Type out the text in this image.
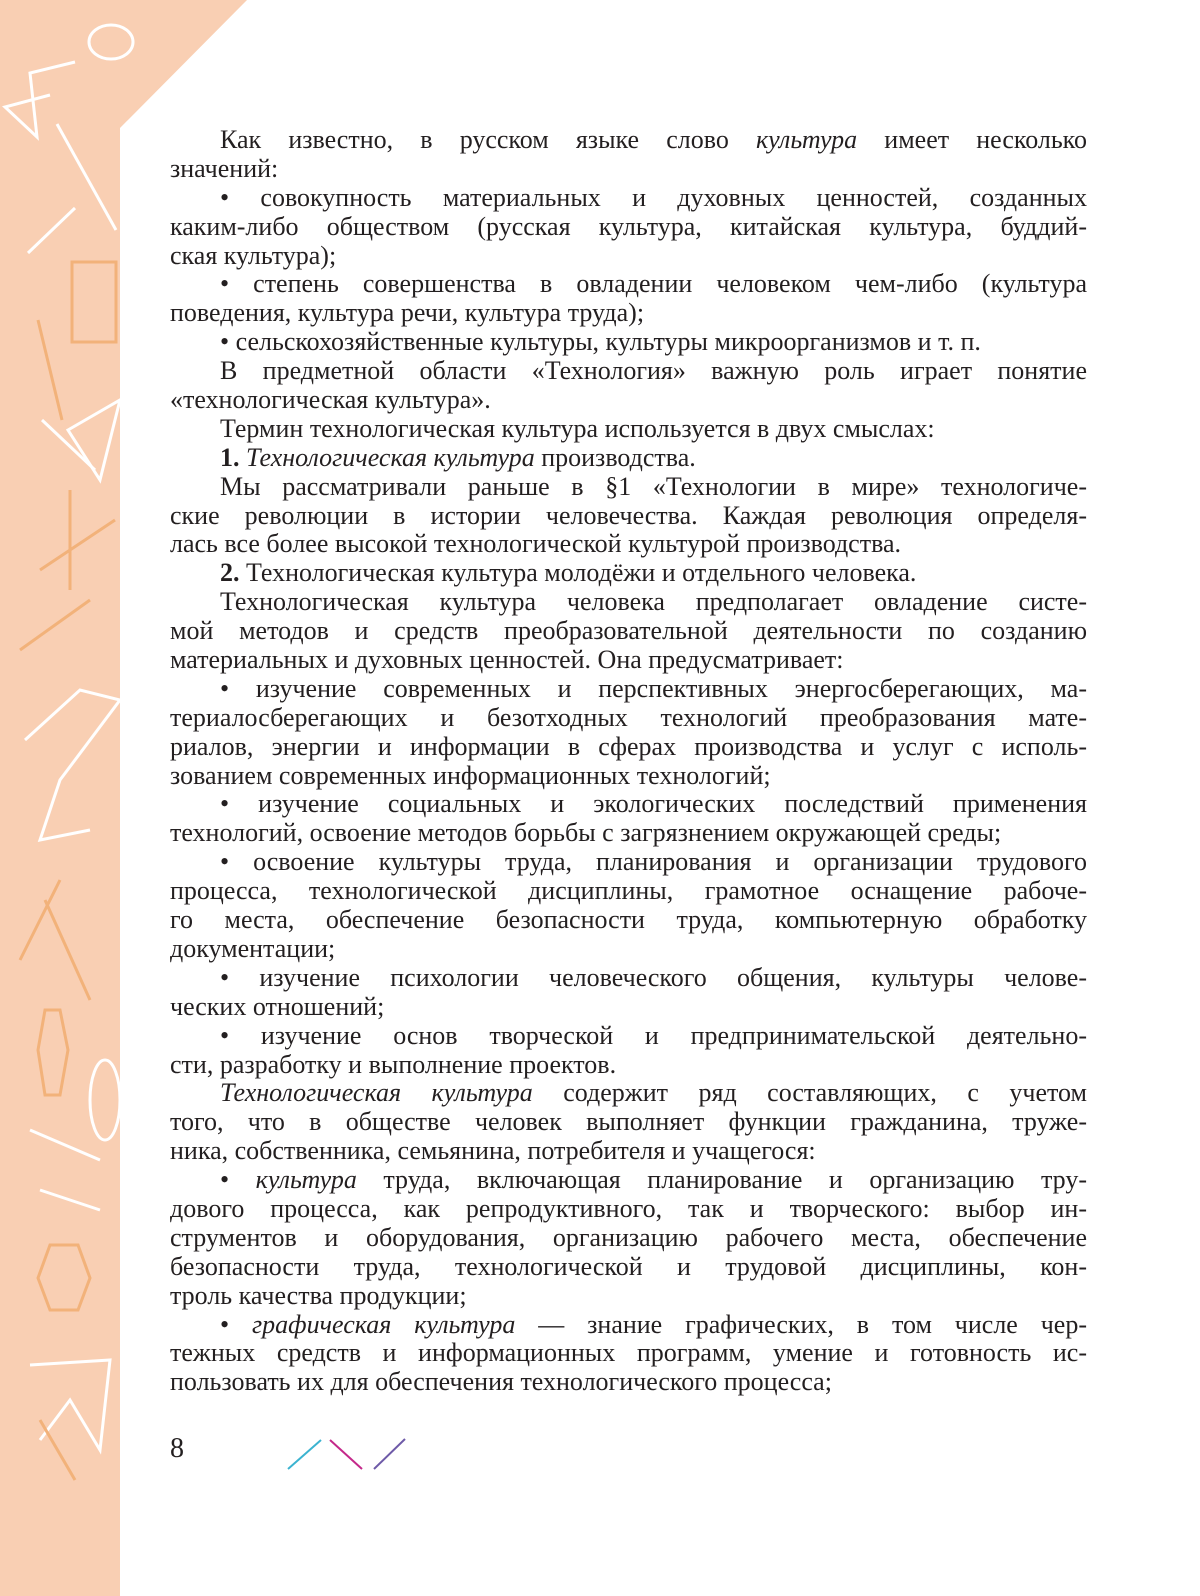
Как известно, в русском языке слово культура имеет несколько
значений:
• совокупность материальных и духовных ценностей, созданных
каким-либо обществом (русская культура, китайская культура, буддий-
ская культура);
• степень совершенства в овладении человеком чем-либо (культура
поведения, культура речи, культура труда);
• сельскохозяйственные культуры, культуры микроорганизмов и т. п.
В предметной области «Технология» важную роль играет понятие
«технологическая культура».
Термин технологическая культура используется в двух смыслах:
1. Технологическая культура производства.
Мы рассматривали раньше в §1 «Технологии в мире» технологиче-
ские революции в истории человечества. Каждая революция определя-
лась все более высокой технологической культурой производства.
2. Технологическая культура молодёжи и отдельного человека.
Технологическая культура человека предполагает овладение систе-
мой методов и средств преобразовательной деятельности по созданию
материальных и духовных ценностей. Она предусматривает:
• изучение современных и перспективных энергосберегающих, ма-
териалосберегающих и безотходных технологий преобразования мате-
риалов, энергии и информации в сферах производства и услуг с исполь-
зованием современных информационных технологий;
• изучение социальных и экологических последствий применения
технологий, освоение методов борьбы с загрязнением окружающей среды;
• освоение культуры труда, планирования и организации трудового
процесса, технологической дисциплины, грамотное оснащение рабоче-
го места, обеспечение безопасности труда, компьютерную обработку
документации;
• изучение психологии человеческого общения, культуры челове-
ческих отношений;
• изучение основ творческой и предпринимательской деятельно-
сти, разработку и выполнение проектов.
Технологическая культура содержит ряд составляющих, с учетом
того, что в обществе человек выполняет функции гражданина, труже-
ника, собственника, семьянина, потребителя и учащегося:
• культура труда, включающая планирование и организацию тру-
дового процесса, как репродуктивного, так и творческого: выбор ин-
струментов и оборудования, организацию рабочего места, обеспечение
безопасности труда, технологической и трудовой дисциплины, кон-
троль качества продукции;
• графическая культура — знание графических, в том числе чер-
тежных средств и информационных программ, умение и готовность ис-
пользовать их для обеспечения технологического процесса;
8
